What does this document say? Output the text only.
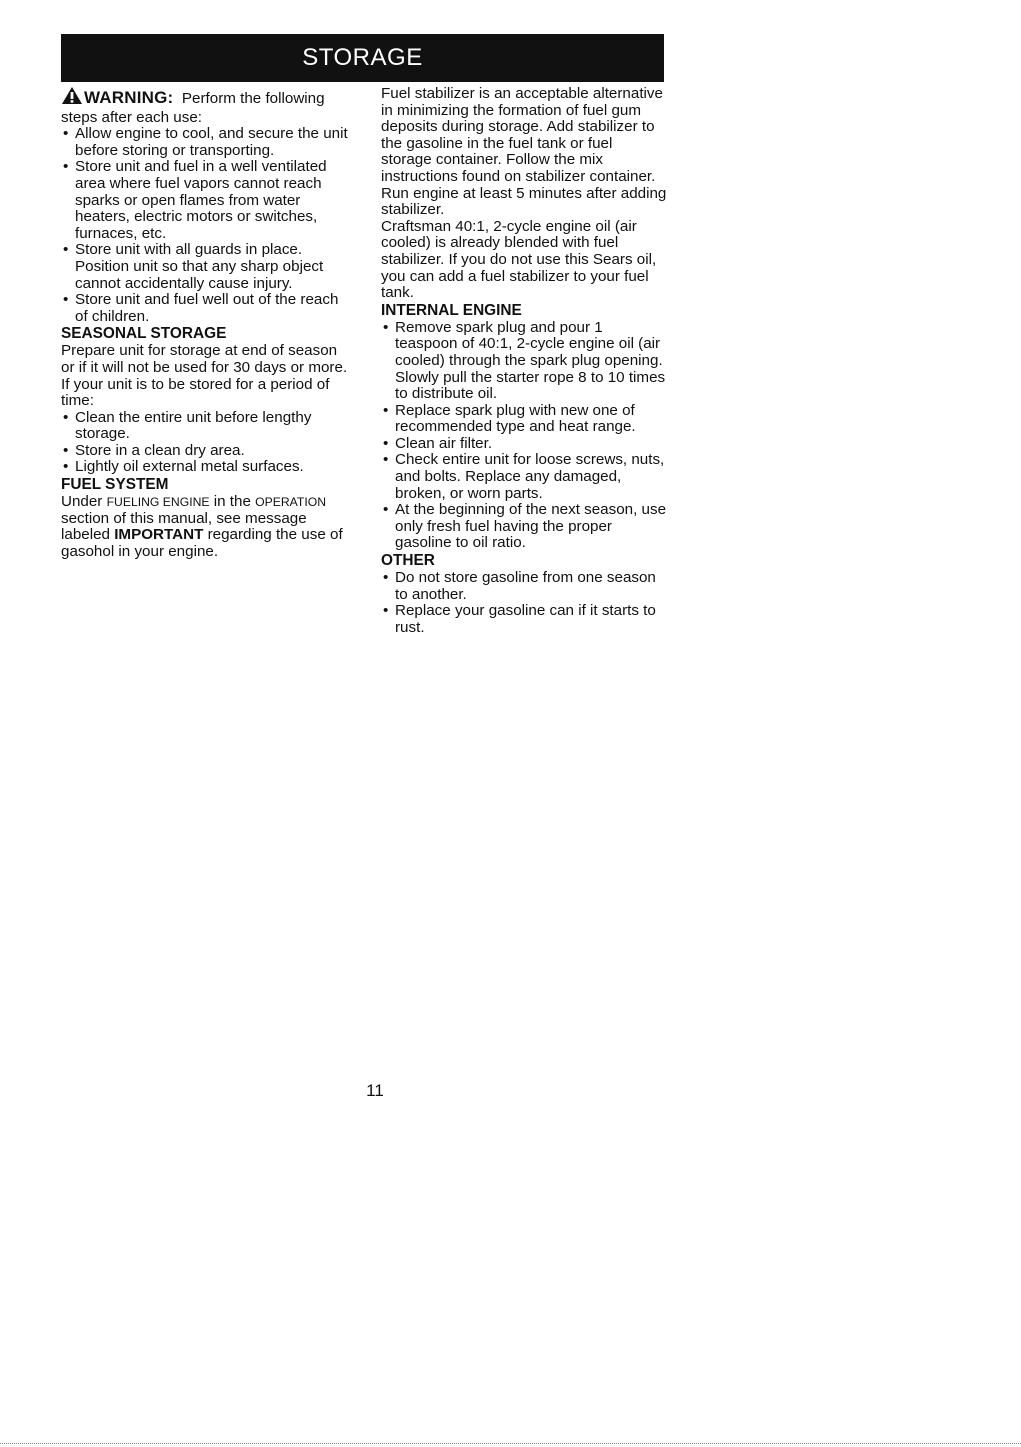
STORAGE

WARNING: Perform the following steps after each use:

• Allow engine to cool, and secure the unit before storing or transporting.
• Store unit and fuel in a well ventilated area where fuel vapors cannot reach sparks or open flames from water heaters, electric motors or switches, furnaces, etc.
• Store unit with all guards in place. Position unit so that any sharp object cannot accidentally cause injury.
• Store unit and fuel well out of the reach of children.
SEASONAL STORAGE

Prepare unit for storage at end of season or if it will not be used for 30 days or more.

If your unit is to be stored for a period of time:

• Clean the entire unit before lengthy storage.
• Store in a clean dry area.
• Lightly oil external metal surfaces.
FUEL SYSTEM

Under FUELING ENGINE in the OPERATION section of this manual, see message labeled IMPORTANT regarding the use of gasohol in your engine.

Fuel stabilizer is an acceptable alternative in minimizing the formation of fuel gum deposits during storage. Add stabilizer to the gasoline in the fuel tank or fuel storage container. Follow the mix instructions found on stabilizer container. Run engine at least 5 minutes after adding stabilizer.

Craftsman 40:1, 2-cycle engine oil (air cooled) is already blended with fuel stabilizer. If you do not use this Sears oil, you can add a fuel stabilizer to your fuel tank.

INTERNAL ENGINE
• Remove spark plug and pour 1 teaspoon of 40:1, 2-cycle engine oil (air cooled) through the spark plug opening. Slowly pull the starter rope 8 to 10 times to distribute oil.
• Replace spark plug with new one of recommended type and heat range.
• Clean air filter.
• Check entire unit for loose screws, nuts, and bolts. Replace any damaged, broken, or worn parts.
• At the beginning of the next season, use only fresh fuel having the proper gasoline to oil ratio.
OTHER
• Do not store gasoline from one season to another.
• Replace your gasoline can if it starts to rust.
11
